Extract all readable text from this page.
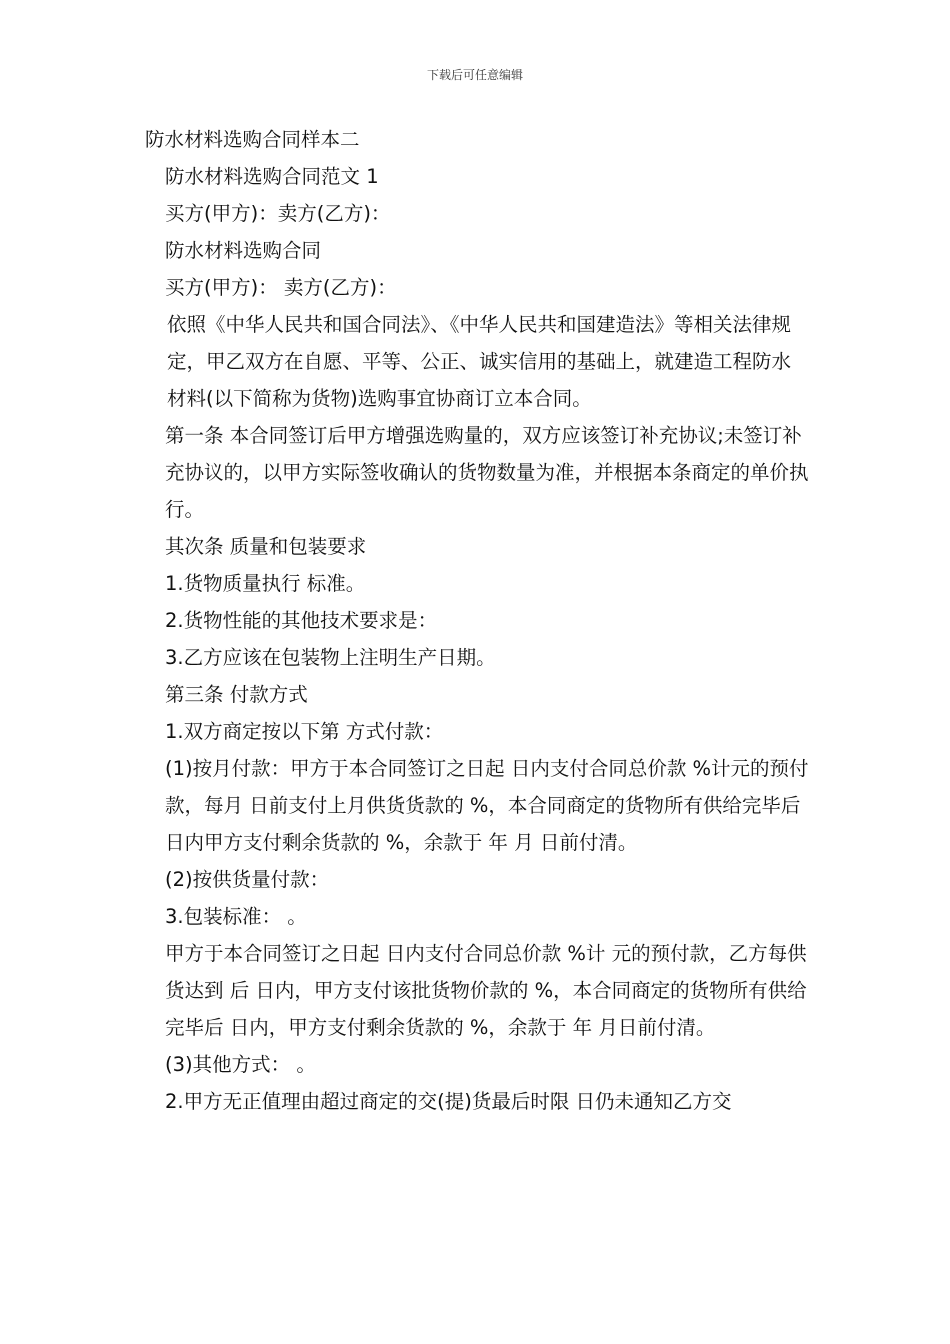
下载后可任意编辑

防水材料选购合同样本二

防水材料选购合同范文 1

买方(甲方)：卖方(乙方)：

防水材料选购合同

买方(甲方)： 卖方(乙方)：

依照《中华人民共和国合同法》、《中华人民共和国建造法》等相关法律规定，甲乙双方在自愿、平等、公正、诚实信用的基础上，就建造工程防水材料(以下简称为货物)选购事宜协商订立本合同。

第一条 本合同签订后甲方增强选购量的，双方应该签订补充协议;未签订补充协议的，以甲方实际签收确认的货物数量为准，并根据本条商定的单价执行。

其次条 质量和包装要求

1.货物质量执行 标准。

2.货物性能的其他技术要求是：

3.乙方应该在包装物上注明生产日期。

第三条 付款方式

1.双方商定按以下第 方式付款：

(1)按月付款：甲方于本合同签订之日起 日内支付合同总价款 %计元的预付款，每月 日前支付上月供货货款的 %，本合同商定的货物所有供给完毕后 日内甲方支付剩余货款的 %，余款于 年 月 日前付清。

(2)按供货量付款：

3.包装标准： 。

甲方于本合同签订之日起 日内支付合同总价款 %计 元的预付款，乙方每供货达到 后 日内，甲方支付该批货物价款的 %，本合同商定的货物所有供给完毕后 日内，甲方支付剩余货款的 %，余款于 年 月日前付清。

(3)其他方式： 。

2.甲方无正值理由超过商定的交(提)货最后时限 日仍未通知乙方交
